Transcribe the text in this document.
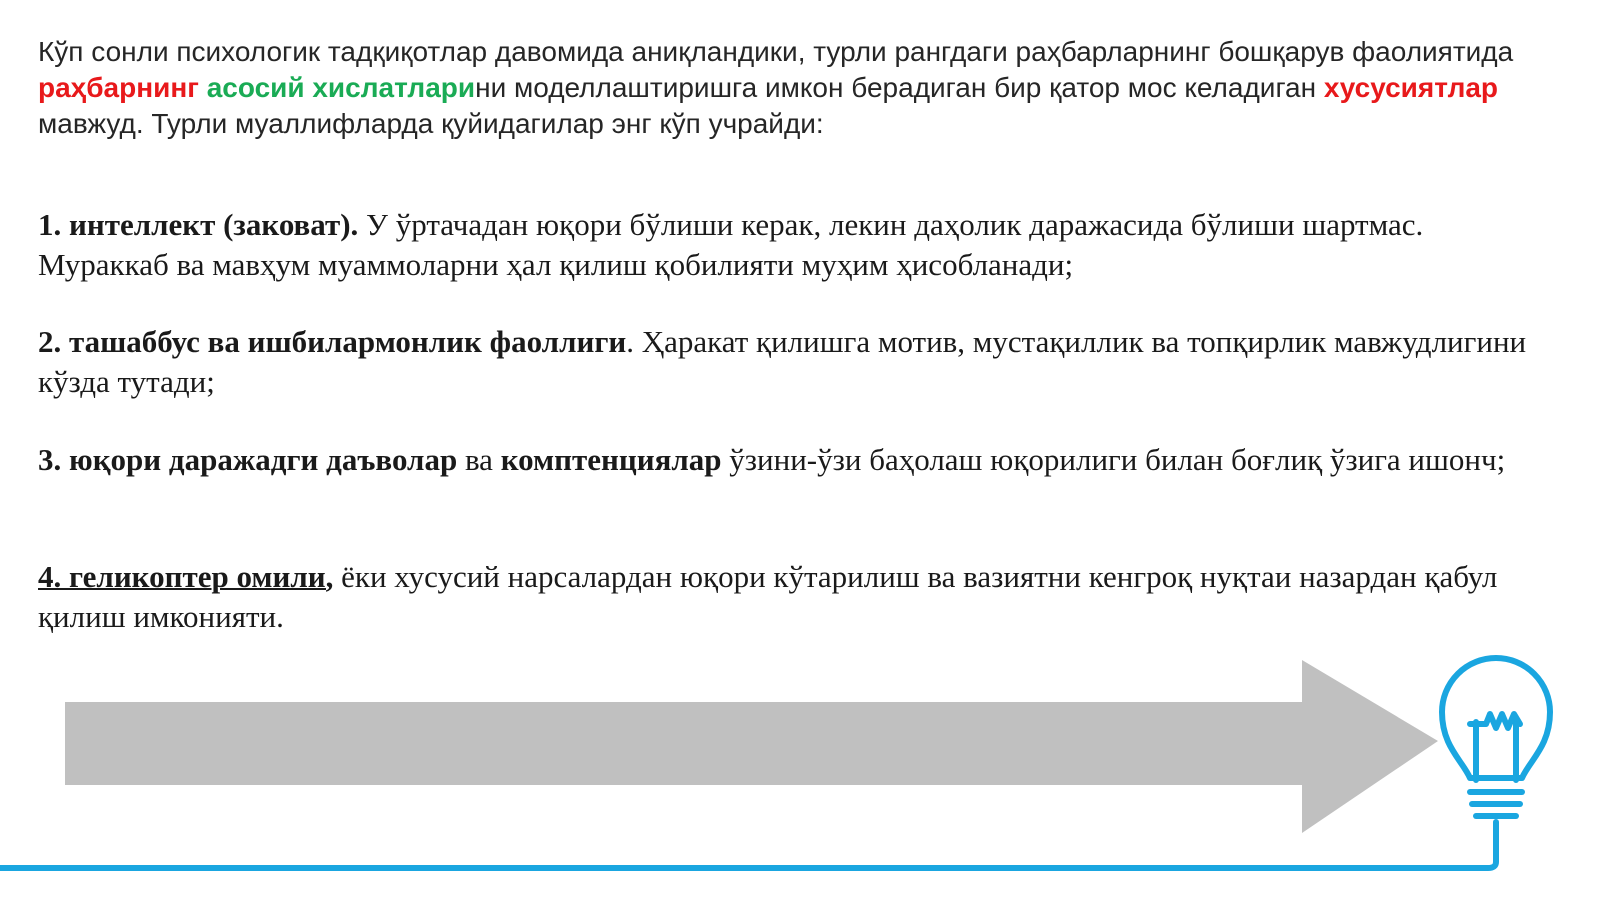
Кўп сонли психологик тадқиқотлар давомида аниқландики, турли рангдаги раҳбарларнинг бошқарув фаолиятида раҳбарнинг асосий хислатларини моделлаштиришга имкон берадиган бир қатор мос келадиган хусусиятлар мавжуд. Турли муаллифларда қуйидагилар энг кўп учрайди:
1. интеллект (заковат). У ўртачадан юқори бўлиши керак, лекин даҳолик даражасида бўлиши шартмас. Мураккаб ва мавҳум муаммоларни ҳал қилиш қобилияти муҳим ҳисобланади;
2. ташаббус ва ишбилармонлик фаоллиги. Ҳаракат қилишга мотив, мустақиллик ва топқирлик мавжудлигини кўзда тутади;
3. юқори даражадги даъволар ва комптенциялар ўзини-ўзи баҳолаш юқорилиги билан боғлиқ ўзига ишонч;
4. геликоптер омили, ёки хусусий нарсалардан юқори кўтарилиш ва вазиятни кенгроқ нуқтаи назардан қабул қилиш имконияти.
